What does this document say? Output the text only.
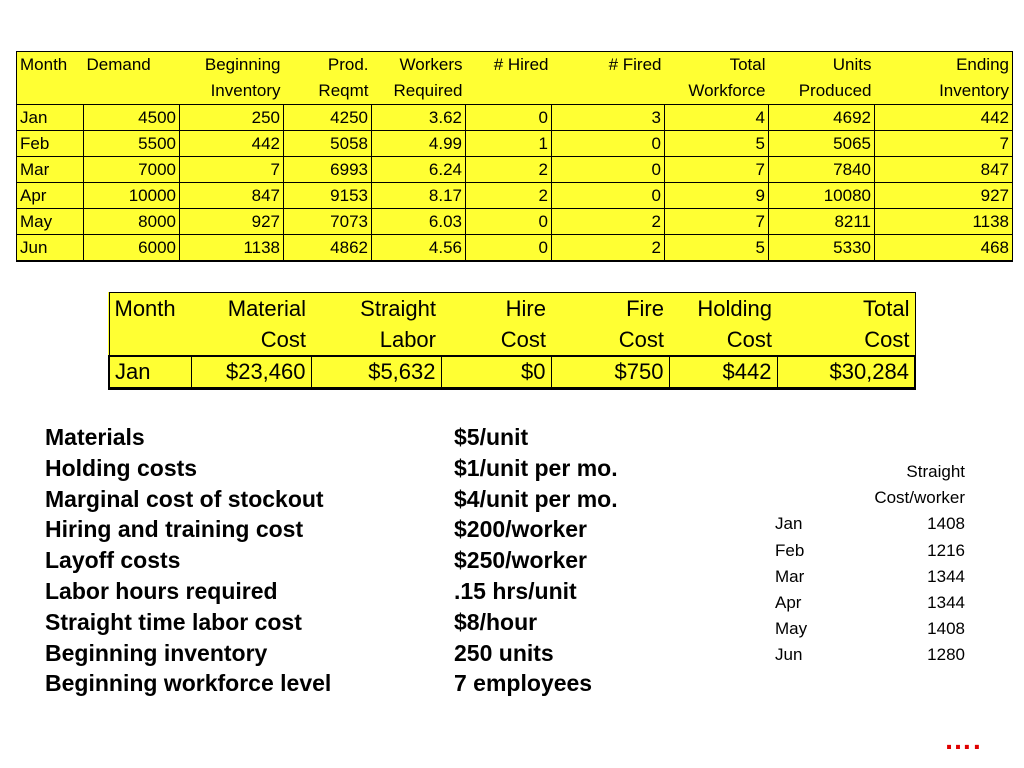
Month	Demand	Beginning	Prod.	Workers	# Hired	# Fired	Total	Units	Ending
		Inventory	Reqmt	Required			Workforce	Produced	Inventory
Jan	4500	250	4250	3.62	0	3	4	4692	442
Feb	5500	442	5058	4.99	1	0	5	5065	7
Mar	7000	7	6993	6.24	2	0	7	7840	847
Apr	10000	847	9153	8.17	2	0	9	10080	927
May	8000	927	7073	6.03	0	2	7	8211	1138
Jun	6000	1138	4862	4.56	0	2	5	5330	468
Month	Material	Straight	Hire	Fire	Holding	Total
	Cost	Labor	Cost	Cost	Cost	Cost
Jan	$23,460	$5,632	$0	$750	$442	$30,284
Materials	$5/unit
Holding costs	$1/unit per mo.
Marginal cost of stockout	$4/unit per mo.
Hiring and training cost	$200/worker
Layoff costs	$250/worker
Labor hours required	.15 hrs/unit
Straight time labor cost	$8/hour
Beginning inventory	250 units
Beginning workforce level	7 employees
Straight
Cost/worker
Jan	1408
Feb	1216
Mar	1344
Apr	1344
May	1408
Jun	1280
….
